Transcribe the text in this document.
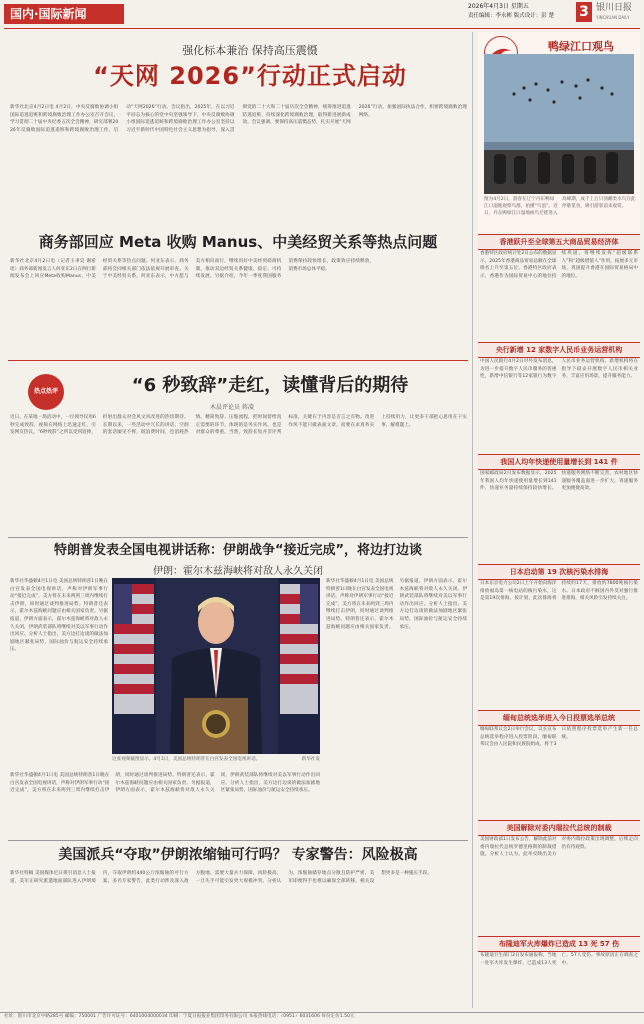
国内·国际新闻
2026年4月3日 星期五
责任编辑：李永彬 版式设计：彭 楚	3 银川日报
YINCHUAN DAILY
强化标本兼治 保持高压震慑
“天网 2026”行动正式启动
新华社北京4月2日电 4月2日，中央反腐败协调小组国际追逃追赃和跨境腐败治理工作办公室召开会议，学习贯彻二十届中央纪委五次全会精神，研究部署2026年反腐败国际追逃追赃和跨境腐败治理工作，启动“天网2026”行动。会议指出，2025年，在以习近平同志为核心的党中央坚强领导下，中央反腐败协调小组国际追逃追赃和跨境腐败治理工作办公室坚持以习近平新时代中国特色社会主义思想为指导，深入贯彻党的二十大和二十届历次全会精神，统筹推进追逃防逃追赃，持续深化跨境腐败治理，取得新进展新成效。会议强调，要保持高压震慑态势，扎实开展“天网2026”行动，加强国际执法合作，织密跨境腐败治理网络。
商务部回应 Meta 收购 Manus、中美经贸关系等热点问题
新华社北京4月2日电（记者王聿昊 谢希瑶）商务部新闻发言人何亚东2日在例行新闻发布会上回应Meta收购Manus、中美经贸关系等热点问题。何亚东表示，商务部将会同相关部门依法依规开展审查。关于中美经贸关系，何亚东表示，中方愿与美方相向而行，继续用好中美经贸磋商机制，推动双边经贸关系健康、稳定、可持续发展。另据介绍，今年一季度我国服务消费保持较快增长，政策效应持续释放，消费市场总体平稳。
热点热评	“6 秒致辞”走红，读懂背后的期待
木晨评论员 蒋凌
近日，在某地一场活动中，一位领导仅用6秒完成致辞，视频在网络上迅速走红，引发网友热议。“6秒致辞”之所以受到追捧，折射出群众对会风文风改进的热切期待。长期以来，一些活动中冗长的讲话、空洞的套话屡见不鲜，既浪费时间，也消耗热情。精简致辞、压缩流程，把时间留给真正需要的环节，体现的是务实作风，也是对群众的尊重。当然，致辞长短并非评判标准，关键在于内容是否言之有物。改进作风不能只做表面文章，而要在求真务实上持续用力，让更多干部把心思用在干实事、解难题上。
特朗普发表全国电视讲话称：伊朗战争“接近完成”，将边打边谈
伊朗：霍尔木兹海峡将对敌人永久关闭
这张视频截图显示，4月1日，美国总统特朗普在白宫发表全国电视讲话。	新华社发
新华社华盛顿4月1日电 美国总统特朗普1日晚在白宫发表全国电视讲话，声称对伊朗军事行动“接近完成”，美方将在未来两到三周内继续打击伊朗，同时通过谈判推进局势。特朗普还表示，霍尔木兹海峡问题应由相关国家负责。另据报道，伊朗方面表示，霍尔木兹海峡将对敌人永久关闭，伊朗武装部队将继续对美以军事行动作出回应。分析人士指出，美方边打边谈的做法加剧地区紧张局势，国际油价与航运安全持续承压。
新华社华盛顿4月1日电 美国总统特朗普1日晚在白宫发表全国电视讲话，声称对伊朗军事行动“接近完成”，美方将在未来两到三周内继续打击伊朗，同时通过谈判推进局势。特朗普还表示，霍尔木兹海峡问题应由相关国家负责。另据报道，伊朗方面表示，霍尔木兹海峡将对敌人永久关闭，伊朗武装部队将继续对美以军事行动作出回应。分析人士指出，美方边打边谈的做法加剧地区紧张局势，国际油价与航运安全持续承压。
新华社华盛顿4月1日电 美国总统特朗普1日晚在白宫发表全国电视讲话，声称对伊朗军事行动“接近完成”，美方将在未来两到三周内继续打击伊朗，同时通过谈判推进局势。特朗普还表示，霍尔木兹海峡问题应由相关国家负责。另据报道，伊朗方面表示，霍尔木兹海峡将对敌人永久关闭，伊朗武装部队将继续对美以军事行动作出回应。分析人士指出，美方边打边谈的做法加剧地区紧张局势，国际油价与航运安全持续承压。
美国派兵“夺取”伊朗浓缩铀可行吗？ 专家警告：风险极高
新华社特稿 美国媒体近日援引消息人士报道，美军正研究派遣地面部队进入伊朗境内，夺取伊朗约440公斤浓缩铀的可行方案。多名专家警告，此类行动涉及深入敌方腹地、需要大量兵力保障，风险极高，一旦失手可能引发更大规模冲突。分析认为，浓缩铀储存地点分散且防护严密，美军即便得手也难以确保全部转移，相关设想更多是一种施压手段。
鸭绿江口观鸟
图为4月2日，游客在辽宁丹东鸭绿江口湿地观察鸟群，拍摄“鸟浪”。近日，丹东鸭绿江口湿地候鸟迁徙进入高峰期，成千上万只鸻鹬类水鸟在此停歇觅食，吸引游客前来观赏。
香港跃升至全球第五大商品贸易经济体
香港特区政府统计处2日公布的数据显示，2025年香港商品贸易总额在全球排名上升至第五位。香港特区政府表示，香港作为国际贸易中心的地位持续巩固，将继续发挥“超级联系人”和“超级增值人”作用，拓展多元市场，巩固提升香港在国际贸易格局中的地位。
央行新增 12 家数字人民币业务运营机构
中国人民银行4月2日对外发布消息，为进一步提升数字人民币服务的普惠性，新增中信银行等12家银行为数字人民币业务运营机构。新增机构将在指导下稳妥开展数字人民币相关业务，丰富应用场景，提升服务能力。
我国人均年快递使用量增长到 141 件
国家邮政局2日发布数据显示，2025年我国人均年快递使用量增长到141件，快递业务量持续保持较快增长。快递服务网络不断完善，农村地区快递服务覆盖面进一步扩大，寄递服务更加便捷高效。
日本启动第 19 次核污染水排海
日本东京电力公司2日上午开始向海洋排放福岛第一核电站的核污染水，这是第19次排海。按计划，此次排海将持续约17天，排放约7800吨核污染水。日本政府不顾国内外反对强行推进排海，相关风险引发持续关注。
缅甸总统选举进入今日投票选举总统
缅甸联邦议会2日举行会议，议长宣布总统选举程序进入投票阶段。缅甸联邦议会由人民院和民族院组成，将于3日依照程序投票选举产生新一任总统。
美国解除对委内瑞拉代总统的制裁
美国财政部1日发布公告，解除此前对委内瑞拉代总统罗德里格斯的制裁措施。分析人士认为，此举反映出美方对委内瑞拉政策出现调整，后续走向仍有待观察。
布隆迪军火库爆炸已造成 13 死 57 伤
布隆迪卫生部门2日发布通报称，当地一处军火库发生爆炸，已造成13人死亡、57人受伤。事故原因正在调查之中。
社址：银川市北京中路285号 邮编：750001 广告许可证号：6401004000034 印刷：宁夏日报报业集团印务有限公司 本报热线电话：（0951）6031606 每份定价1.50元
